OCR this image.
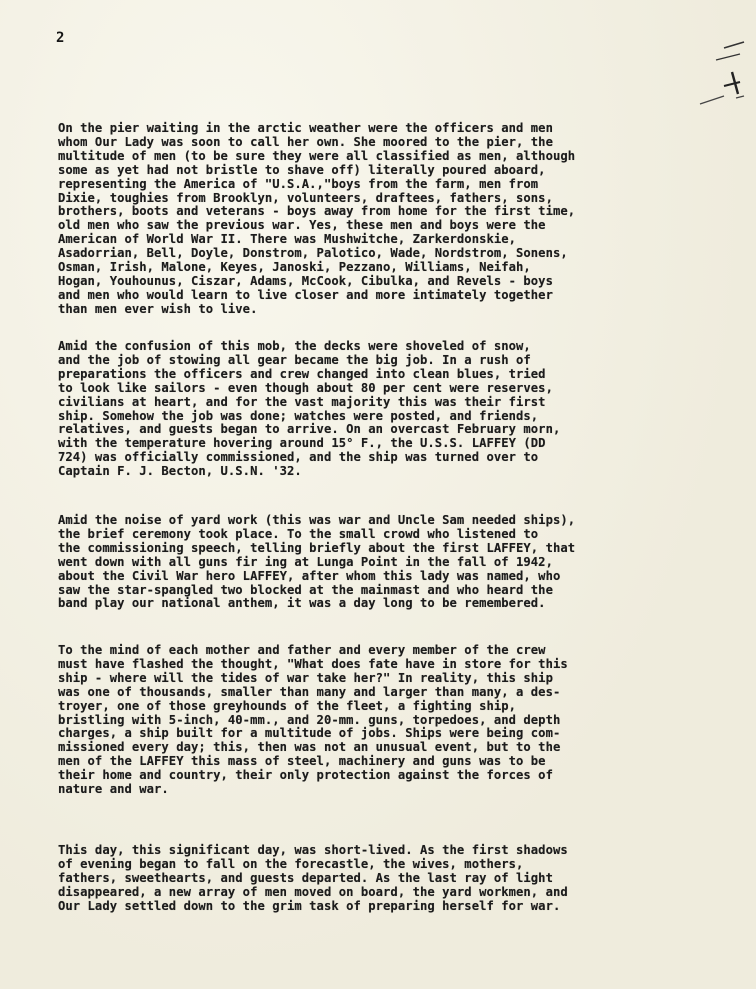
2

On the pier waiting in the arctic weather were the officers and men
whom Our Lady was soon to call her own. She moored to the pier, the
multitude of men (to be sure they were all classified as men, although
some as yet had not bristle to shave off) literally poured aboard,
representing the America of "U.S.A.,"boys from the farm, men from
Dixie, toughies from Brooklyn, volunteers, draftees, fathers, sons,
brothers, boots and veterans - boys away from home for the first time,
old men who saw the previous war. Yes, these men and boys were the
American of World War II. There was Mushwitche, Zarkerdonskie,
Asadorrian, Bell, Doyle, Donstrom, Palotico, Wade, Nordstrom, Sonens,
Osman, Irish, Malone, Keyes, Janoski, Pezzano, Williams, Neifah,
Hogan, Youhounus, Ciszar, Adams, McCook, Cibulka, and Revels - boys
and men who would learn to live closer and more intimately together
than men ever wish to live.

Amid the confusion of this mob, the decks were shoveled of snow,
and the job of stowing all gear became the big job. In a rush of
preparations the officers and crew changed into clean blues, tried
to look like sailors - even though about 80 per cent were reserves,
civilians at heart, and for the vast majority this was their first
ship. Somehow the job was done; watches were posted, and friends,
relatives, and guests began to arrive. On an overcast February morn,
with the temperature hovering around 15° F., the U.S.S. LAFFEY (DD
724) was officially commissioned, and the ship was turned over to
Captain F. J. Becton, U.S.N. '32.

Amid the noise of yard work (this was war and Uncle Sam needed ships),
the brief ceremony took place. To the small crowd who listened to
the commissioning speech, telling briefly about the first LAFFEY, that
went down with all guns fir ing at Lunga Point in the fall of 1942,
about the Civil War hero LAFFEY, after whom this lady was named, who
saw the star-spangled two blocked at the mainmast and who heard the
band play our national anthem, it was a day long to be remembered.

To the mind of each mother and father and every member of the crew
must have flashed the thought, "What does fate have in store for this
ship - where will the tides of war take her?" In reality, this ship
was one of thousands, smaller than many and larger than many, a des-
troyer, one of those greyhounds of the fleet, a fighting ship,
bristling with 5-inch, 40-mm., and 20-mm. guns, torpedoes, and depth
charges, a ship built for a multitude of jobs. Ships were being com-
missioned every day; this, then was not an unusual event, but to the
men of the LAFFEY this mass of steel, machinery and guns was to be
their home and country, their only protection against the forces of
nature and war.

This day, this significant day, was short-lived. As the first shadows
of evening began to fall on the forecastle, the wives, mothers,
fathers, sweethearts, and guests departed. As the last ray of light
disappeared, a new array of men moved on board, the yard workmen, and
Our Lady settled down to the grim task of preparing herself for war.
